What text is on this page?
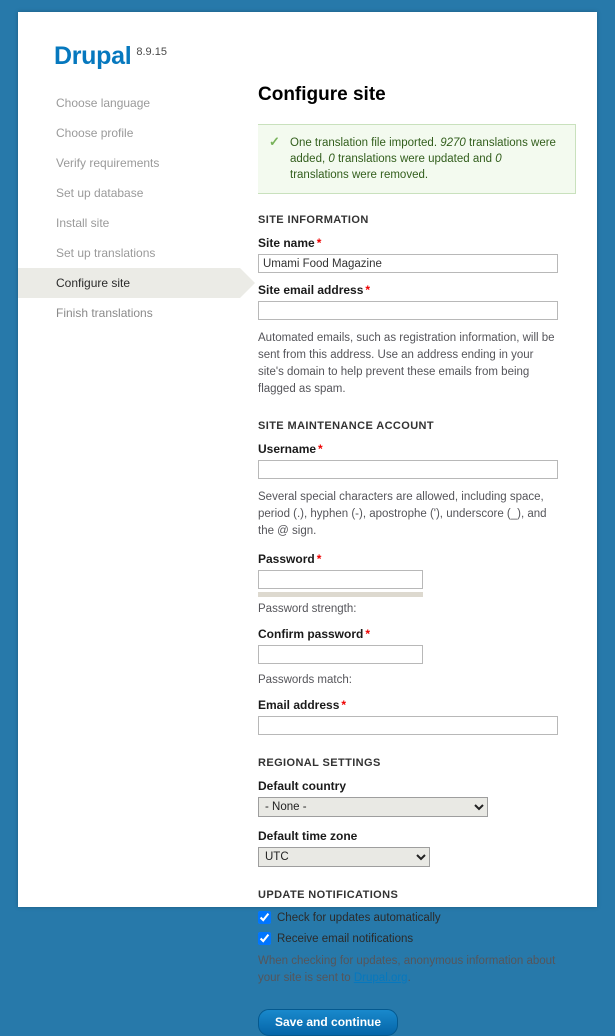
Drupal $^{8.9.15}$
Choose language
Choose profile
Verify requirements
Set up database
Install site
Set up translations
Configure site
Finish translations
Configure site
✓ One translation file imported. 9270 translations were added, 0 translations were updated and 0 translations were removed.
SITE INFORMATION
Site name *
Umami Food Magazine
Site email address *

Automated emails, such as registration information, will be sent from this address. Use an address ending in your site's domain to help prevent these emails from being flagged as spam.

SITE MAINTENANCE ACCOUNT
Username *

Several special characters are allowed, including space, period (.), hyphen (-), apostrophe ('), underscore (_), and the @ sign.

Password *

Password strength:

Confirm password *

Passwords match:

Email address *
REGIONAL SETTINGS
Default country
- None -
Default time zone
UTC
UPDATE NOTIFICATIONS
Check for updates automatically
Receive email notifications

When checking for updates, anonymous information about your site is sent to Drupal.org.

Save and continue
